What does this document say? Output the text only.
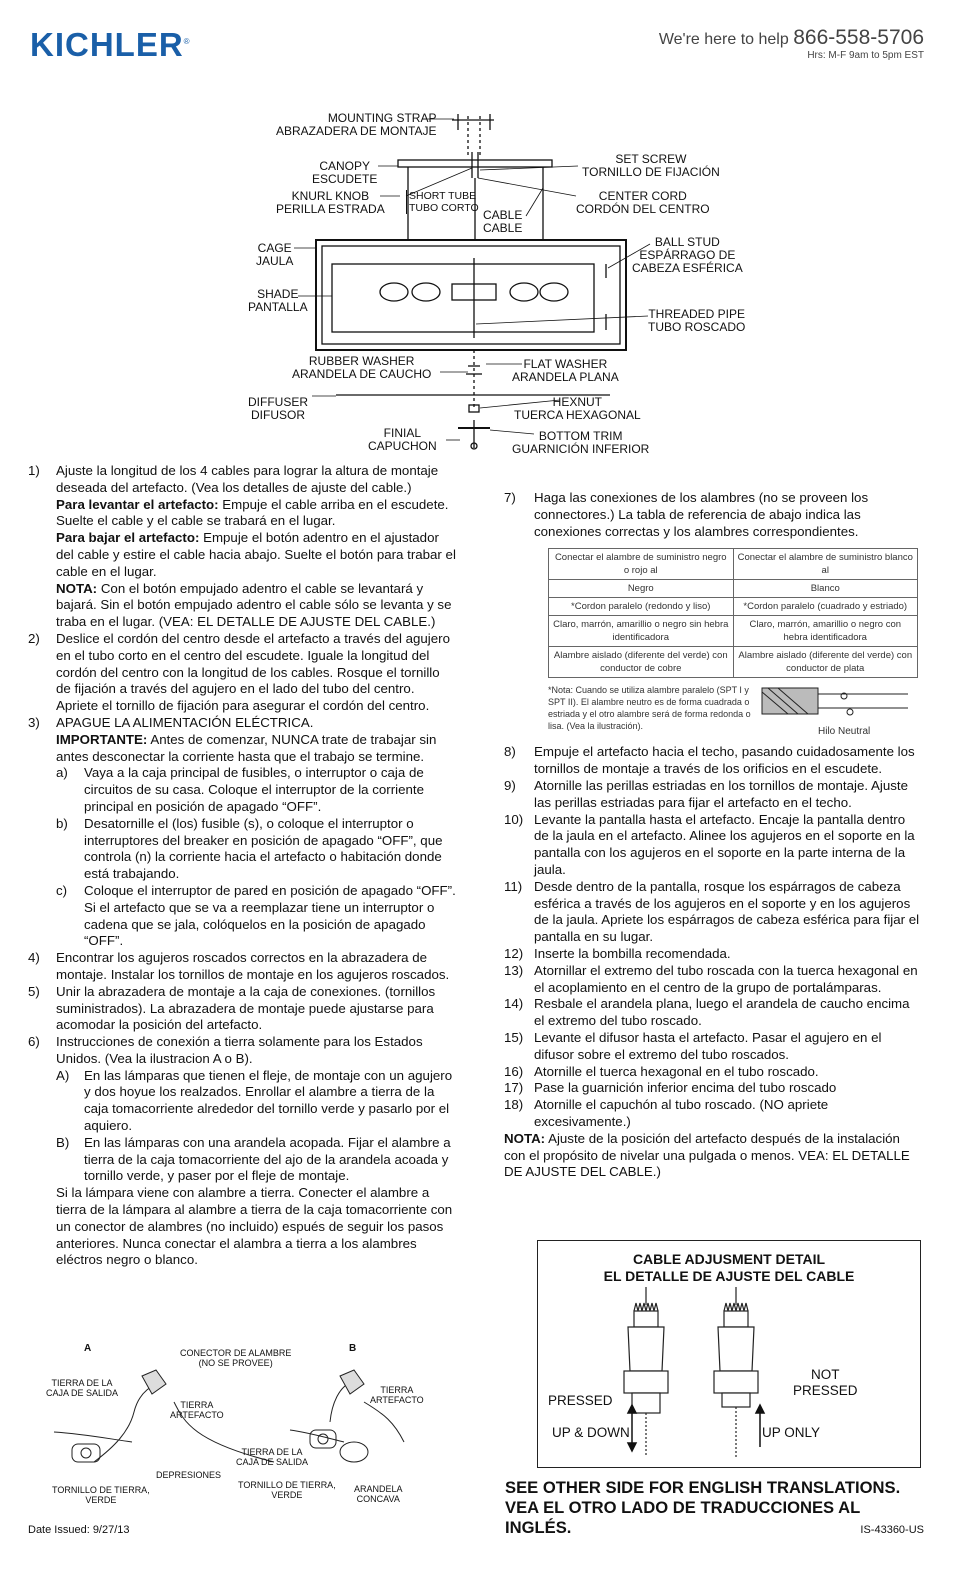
KICHLER®	We're here to help 866-558-5706
Hrs: M-F 9am to 5pm EST
MOUNTING STRAP
ABRAZADERA DE MONTAJE
CANOPY
ESCUDETE
SET SCREW
TORNILLO DE FIJACIÓN
KNURL KNOB
PERILLA ESTRADA
SHORT TUBE
TUBO CORTO
CENTER CORD
CORDÓN DEL CENTRO
CABLE
CABLE
CAGE
JAULA
BALL STUD
ESPÁRRAGO DE
CABEZA ESFÉRICA
SHADE
PANTALLA	THREADED PIPE
TUBO ROSCADO
RUBBER WASHER
ARANDELA DE CAUCHO
FLAT WASHER
ARANDELA PLANA
DIFFUSER
DIFUSOR
HEXNUT
TUERCA HEXAGONAL
FINIAL
CAPUCHON
BOTTOM TRIM
GUARNICIÓN INFERIOR
1)	Ajuste la longitud de los 4 cables para lograr la altura de montaje deseada del artefacto. (Vea los detalles de ajuste del cable.)

Para levantar el artefacto: Empuje el cable arriba en el escudete. Suelte el cable y el cable se trabará en el lugar.

Para bajar el artefacto: Empuje el botón adentro en el ajustador del cable y estire el cable hacia abajo. Suelte el botón para trabar el cable en el lugar.

NOTA: Con el botón empujado adentro el cable se levantará y bajará. Sin el botón empujado adentro el cable sólo se levanta y se traba en el lugar. (VEA: EL DETALLE DE AJUSTE DEL CABLE.)

2)	Deslice el cordón del centro desde el artefacto a través del agujero en el tubo corto en el centro del escudete. Iguale la longitud del cordón del centro con la longitud de los cables. Rosque el tornillo de fijación a través del agujero en el lado del tubo del centro. Apriete el tornillo de fijación para asegurar el cordón del centro.

3)	APAGUE LA ALIMENTACIÓN ELÉCTRICA.

IMPORTANTE: Antes de comenzar, NUNCA trate de trabajar sin antes desconectar la corriente hasta que el trabajo se termine.

a)	Vaya a la caja principal de fusibles, o interruptor o caja de circuitos de su casa. Coloque el interruptor de la corriente principal en posición de apagado “OFF”.

b)	Desatornille el (los) fusible (s), o coloque el interruptor o interruptores del breaker en posición de apagado “OFF”, que controla (n) la corriente hacia el artefacto o habitación donde está trabajando.

c)	Coloque el interruptor de pared en posición de apagado “OFF”. Si el artefacto que se va a reemplazar tiene un interruptor o cadena que se jala, colóquelos en la posición de apagado “OFF”.

4)	Encontrar los agujeros roscados correctos en la abrazadera de montaje. Instalar los tornillos de montaje en los agujeros roscados.

5)	Unir la abrazadera de montaje a la caja de conexiones. (tornillos suministrados). La abrazadera de montaje puede ajustarse para acomodar la posición del artefacto.

6)	Instrucciones de conexión a tierra solamente para los Estados Unidos. (Vea la ilustracion A o B).

A)	En las lámparas que tienen el fleje, de montaje con un agujero y dos hoyue los realzados. Enrollar el alambre a tierra de la caja tomacorriente alrededor del tornillo verde y pasarlo por el aquiero.

B)	En las lámparas con una arandela acopada. Fijar el alambre a tierra de la caja tomacorriente del ajo de la arandela acoada y tornillo verde, y paser por el fleje de montaje.

Si la lámpara viene con alambre a tierra. Conecter el alambre a tierra de la lámpara al alambre a tierra de la caja tomacorriente con un conector de alambres (no incluido) espués de seguir los pasos anteriores. Nunca conectar el alambra a tierra a los alambres eléctros negro o blanco.

A	B
CONECTOR DE ALAMBRE
(NO SE PROVEE)
TIERRA DE LA
CAJA DE SALIDA
TIERRA
ARTEFACTO
DEPRESIONES
TORNILLO DE TIERRA,
VERDE
TIERRA
ARTEFACTO
TIERRA DE LA
CAJA DE SALIDA
TORNILLO DE TIERRA,
VERDE
ARANDELA
CONCAVA
7)	Haga las conexiones de los alambres (no se proveen los connectores.) La tabla de referencia de abajo indica las conexiones correctas y los alambres correspondientes.

Conectar el alambre de suministro negro o rojo al	Conectar el alambre de suministro blanco al
Negro	Blanco
*Cordon paralelo (redondo y liso)	*Cordon paralelo (cuadrado y estriado)
Claro, marrón, amarillio o negro sin hebra identificadora	Claro, marrón, amarillio o negro con hebra identificadora
Alambre aislado (diferente del verde) con conductor de cobre	Alambre aislado (diferente del verde) con conductor de plata
*Nota: Cuando se utiliza alambre paralelo (SPT I y SPT II). El alambre neutro es de forma cuadrada o estriada y el otro alambre será de forma redonda o lisa. (Vea la ilustración).	Hilo Neutral
8)	Empuje el artefacto hacia el techo, pasando cuidadosamente los tornillos de montaje a través de los orificios en el escudete.

9)	Atornille las perillas estriadas en los tornillos de montaje. Ajuste las perillas estriadas para fijar el artefacto en el techo.

10) Levante la pantalla hasta el artefacto. Encaje la pantalla dentro de la jaula en el artefacto. Alinee los agujeros en el soporte en la pantalla con los agujeros en el soporte en la parte interna de la jaula.

11) Desde dentro de la pantalla, rosque los espárragos de cabeza esférica a través de los agujeros en el soporte y en los agujeros de la jaula. Apriete los espárragos de cabeza esférica para fijar el pantalla en su lugar.

12) Inserte la bombilla recomendada.

13) Atornillar el extremo del tubo roscada con la tuerca hexagonal en el acoplamiento en el centro de la grupo de portalámparas.

14) Resbale el arandela plana, luego el arandela de caucho encima el extremo del tubo roscado.

15) Levante el difusor hasta el artefacto. Pasar el agujero en el difusor sobre el extremo del tubo roscados.

16) Atornille el tuerca hexagonal en el tubo roscado.

17) Pase la guarnición inferior encima del tubo roscado

18) Atornille el capuchón al tubo roscado. (NO apriete excesivamente.)

NOTA: Ajuste de la posición del artefacto después de la instalación con el propósito de nivelar una pulgada o menos. VEA: EL DETALLE DE AJUSTE DEL CABLE.)

CABLE ADJUSMENT DETAIL
EL DETALLE DE AJUSTE DEL CABLE
PRESSED
NOT
PRESSED
UP & DOWN	UP ONLY
SEE OTHER SIDE FOR ENGLISH TRANSLATIONS.
VEA EL OTRO LADO DE TRADUCCIONES AL INGLÉS.
Date Issued: 9/27/13	IS-43360-US
